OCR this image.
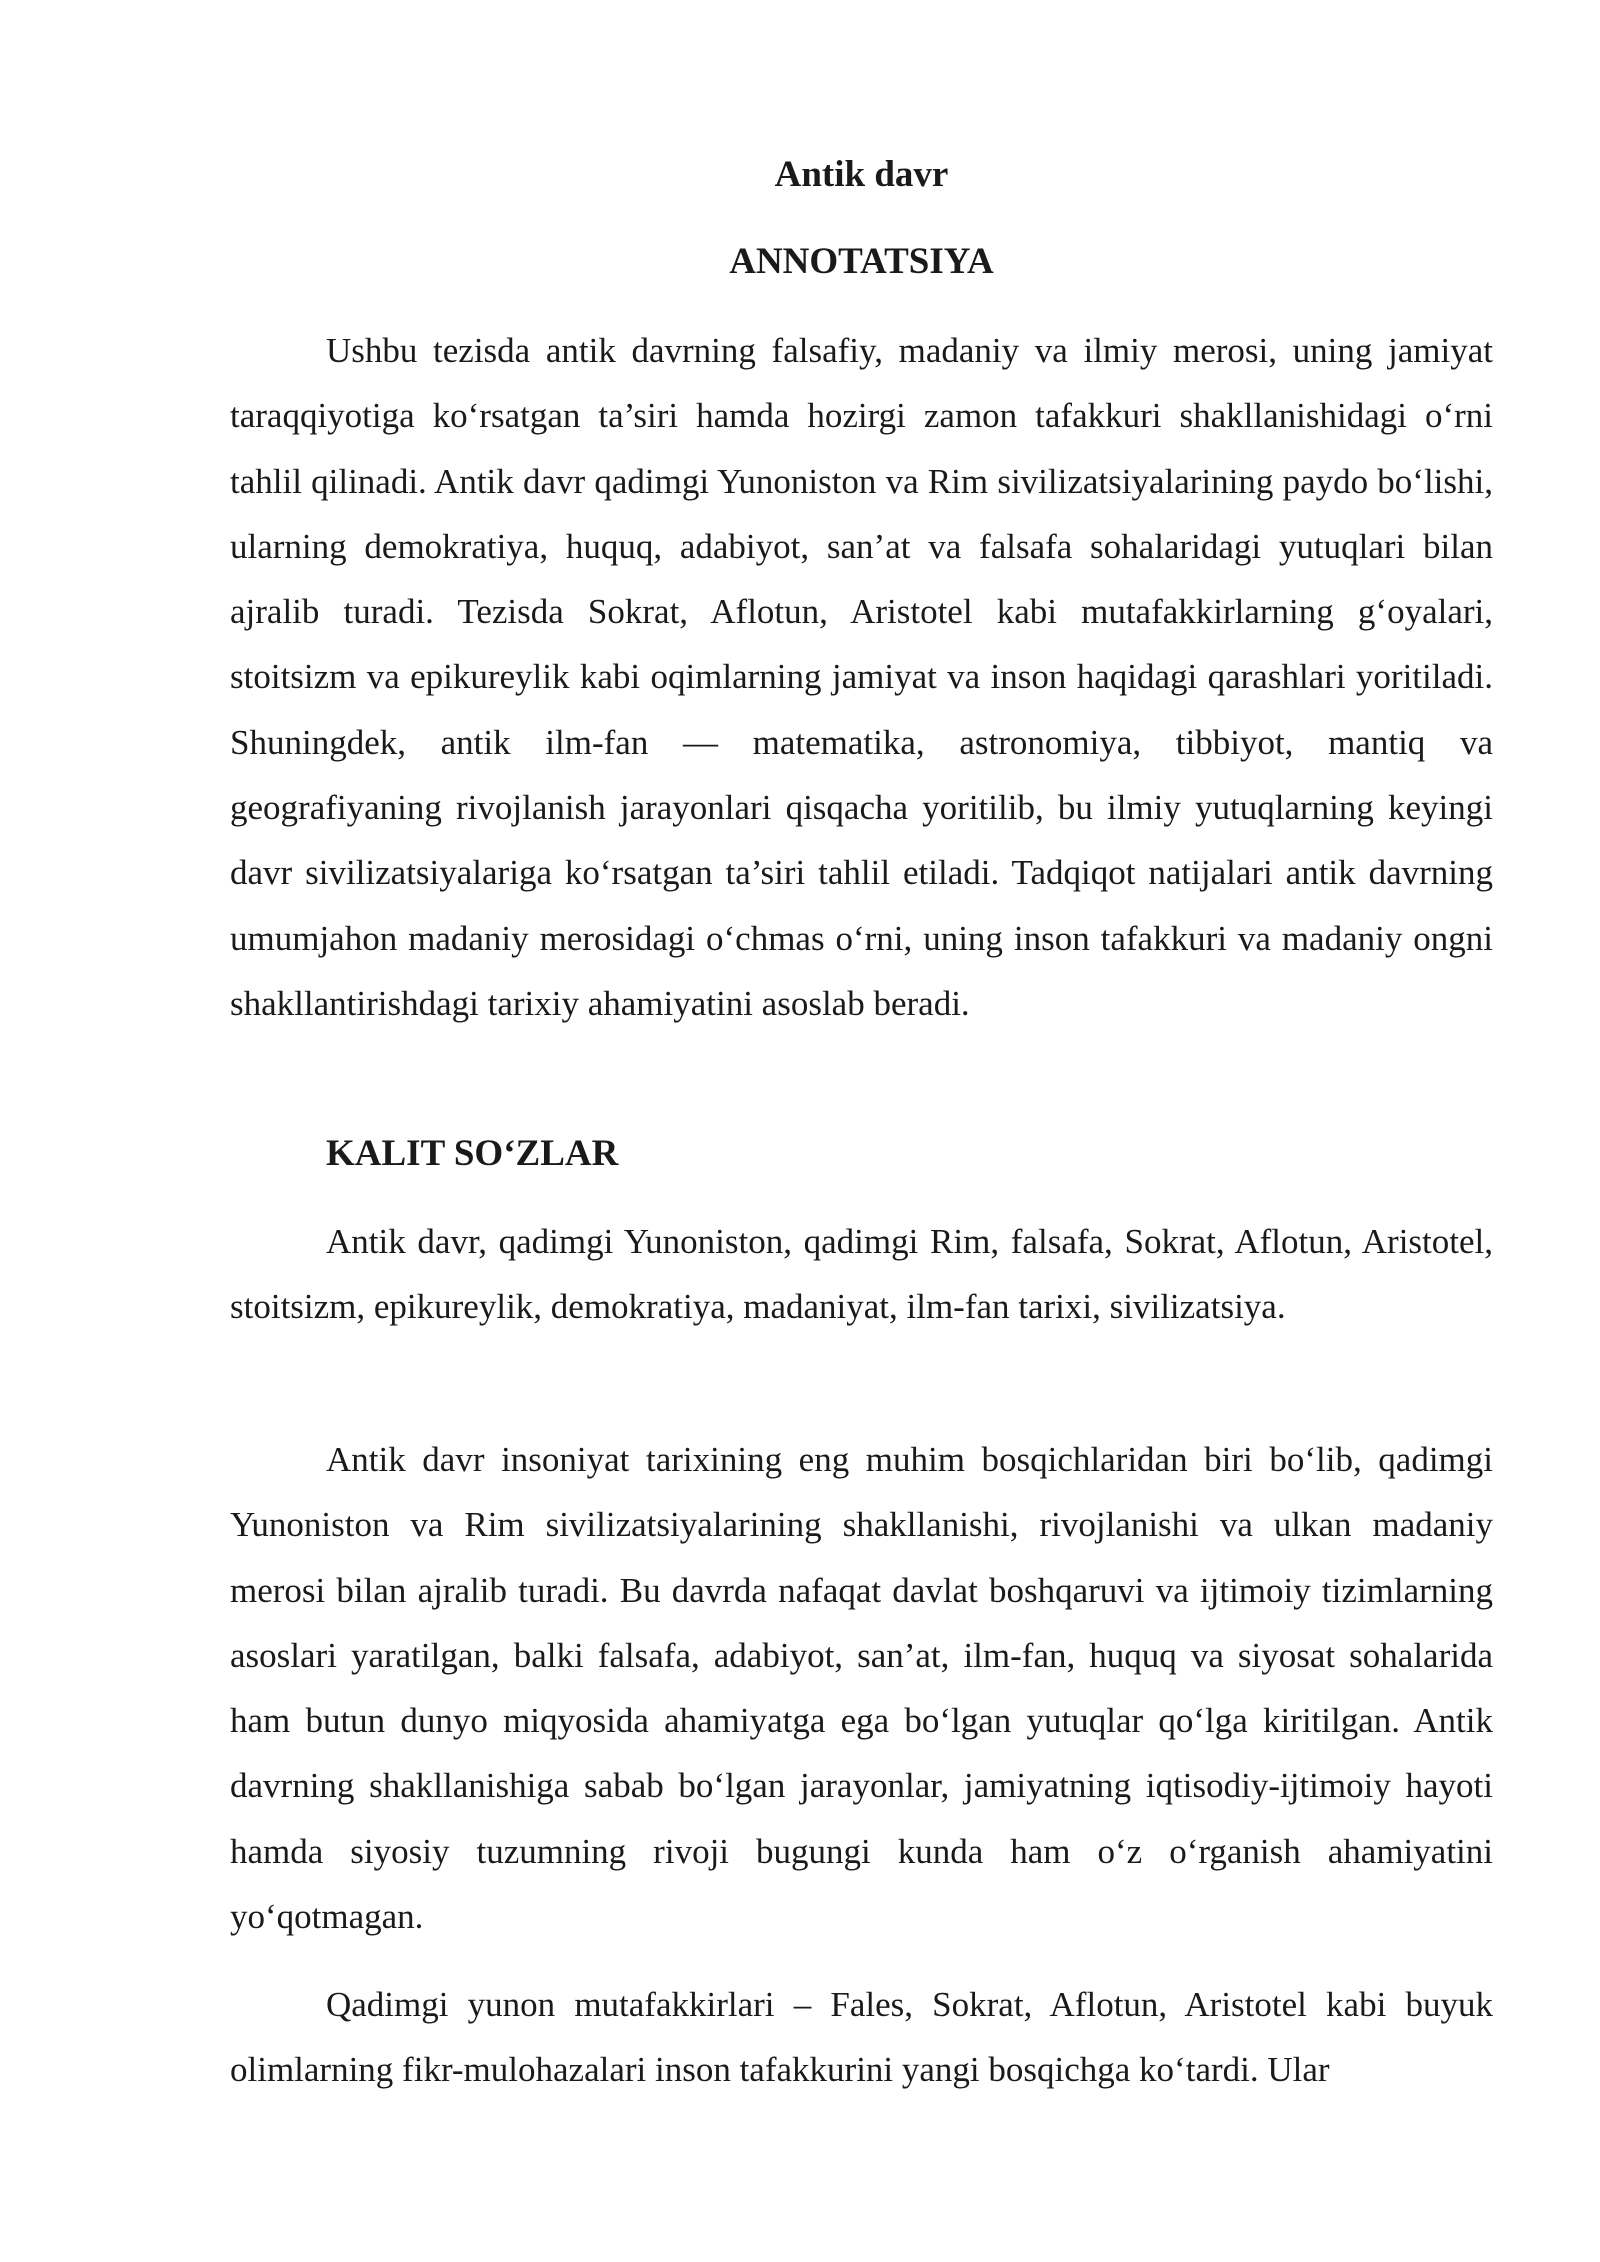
Antik davr
ANNOTATSIYA

Ushbu tezisda antik davrning falsafiy, madaniy va ilmiy merosi, uning jamiyat taraqqiyotiga ko‘rsatgan ta’siri hamda hozirgi zamon tafakkuri shakllanishidagi o‘rni tahlil qilinadi. Antik davr qadimgi Yunoniston va Rim sivilizatsiyalarining paydo bo‘lishi, ularning demokratiya, huquq, adabiyot, san’at va falsafa sohalaridagi yutuqlari bilan ajralib turadi. Tezisda Sokrat, Aflotun, Aristotel kabi mutafakkirlarning g‘oyalari, stoitsizm va epikureylik kabi oqimlarning jamiyat va inson haqidagi qarashlari yoritiladi. Shuningdek, antik ilm-fan — matematika, astronomiya, tibbiyot, mantiq va geografiyaning rivojlanish jarayonlari qisqacha yoritilib, bu ilmiy yutuqlarning keyingi davr sivilizatsiyalariga ko‘rsatgan ta’siri tahlil etiladi. Tadqiqot natijalari antik davrning umumjahon madaniy merosidagi o‘chmas o‘rni, uning inson tafakkuri va madaniy ongni shakllantirishdagi tarixiy ahamiyatini asoslab beradi.

KALIT SO‘ZLAR

Antik davr, qadimgi Yunoniston, qadimgi Rim, falsafa, Sokrat, Aflotun, Aristotel, stoitsizm, epikureylik, demokratiya, madaniyat, ilm-fan tarixi, sivilizatsiya.

Antik davr insoniyat tarixining eng muhim bosqichlaridan biri bo‘lib, qadimgi Yunoniston va Rim sivilizatsiyalarining shakllanishi, rivojlanishi va ulkan madaniy merosi bilan ajralib turadi. Bu davrda nafaqat davlat boshqaruvi va ijtimoiy tizimlarning asoslari yaratilgan, balki falsafa, adabiyot, san’at, ilm-fan, huquq va siyosat sohalarida ham butun dunyo miqyosida ahamiyatga ega bo‘lgan yutuqlar qo‘lga kiritilgan. Antik davrning shakllanishiga sabab bo‘lgan jarayonlar, jamiyatning iqtisodiy-ijtimoiy hayoti hamda siyosiy tuzumning rivoji bugungi kunda ham o‘z o‘rganish ahamiyatini yo‘qotmagan.

Qadimgi yunon mutafakkirlari – Fales, Sokrat, Aflotun, Aristotel kabi buyuk olimlarning fikr-mulohazalari inson tafakkurini yangi bosqichga ko‘tardi. Ular
